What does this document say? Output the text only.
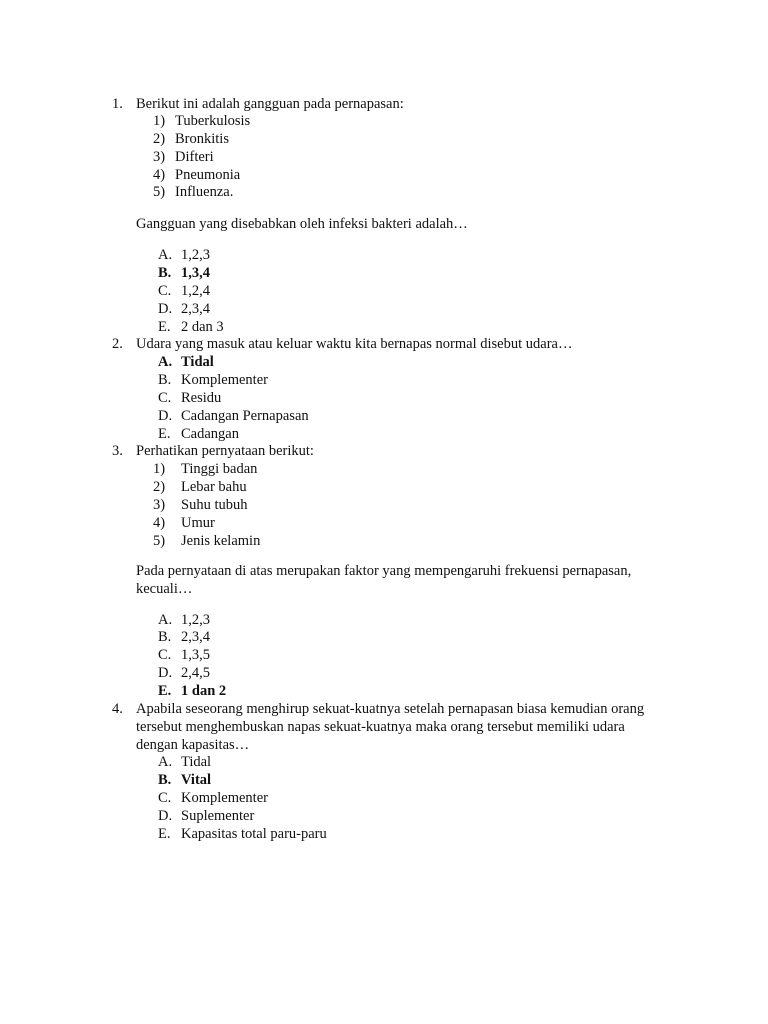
1. Berikut ini adalah gangguan pada pernapasan:
1) Tuberkulosis
2) Bronkitis
3) Difteri
4) Pneumonia
5) Influenza.
Gangguan yang disebabkan oleh infeksi bakteri adalah…
A. 1,2,3
B. 1,3,4
C. 1,2,4
D. 2,3,4
E. 2 dan 3
2. Udara yang masuk atau keluar waktu kita bernapas normal disebut udara…
A. Tidal
B. Komplementer
C. Residu
D. Cadangan Pernapasan
E. Cadangan
3. Perhatikan pernyataan berikut:
1) Tinggi badan
2) Lebar bahu
3) Suhu tubuh
4) Umur
5) Jenis kelamin
Pada pernyataan di atas merupakan faktor yang mempengaruhi frekuensi pernapasan,
kecuali…
A. 1,2,3
B. 2,3,4
C. 1,3,5
D. 2,4,5
E. 1 dan 2
4. Apabila seseorang menghirup sekuat-kuatnya setelah pernapasan biasa kemudian orang
tersebut menghembuskan napas sekuat-kuatnya maka orang tersebut memiliki udara
dengan kapasitas…
A. Tidal
B. Vital
C. Komplementer
D. Suplementer
E. Kapasitas total paru-paru
